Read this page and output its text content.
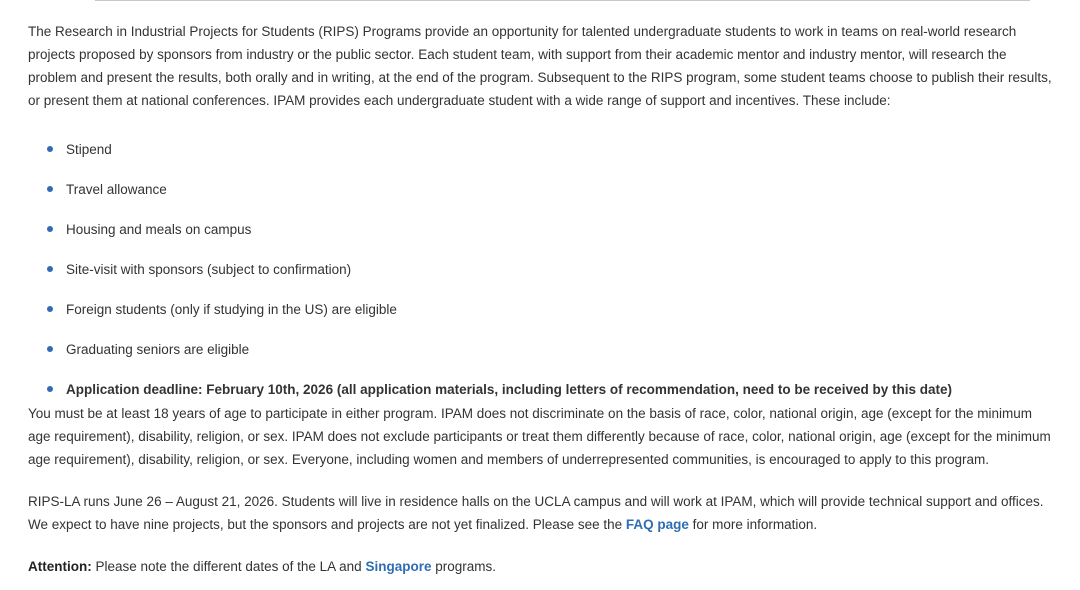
The Research in Industrial Projects for Students (RIPS) Programs provide an opportunity for talented undergraduate students to work in teams on real-world research projects proposed by sponsors from industry or the public sector. Each student team, with support from their academic mentor and industry mentor, will research the problem and present the results, both orally and in writing, at the end of the program. Subsequent to the RIPS program, some student teams choose to publish their results, or present them at national conferences. IPAM provides each undergraduate student with a wide range of support and incentives. These include:

Stipend
Travel allowance
Housing and meals on campus
Site-visit with sponsors (subject to confirmation)
Foreign students (only if studying in the US) are eligible
Graduating seniors are eligible
Application deadline: February 10th, 2026 (all application materials, including letters of recommendation, need to be received by this date)

You must be at least 18 years of age to participate in either program. IPAM does not discriminate on the basis of race, color, national origin, age (except for the minimum age requirement), disability, religion, or sex. IPAM does not exclude participants or treat them differently because of race, color, national origin, age (except for the minimum age requirement), disability, religion, or sex. Everyone, including women and members of underrepresented communities, is encouraged to apply to this program.

RIPS-LA runs June 26 – August 21, 2026. Students will live in residence halls on the UCLA campus and will work at IPAM, which will provide technical support and offices. We expect to have nine projects, but the sponsors and projects are not yet finalized. Please see the FAQ page for more information.

Attention: Please note the different dates of the LA and Singapore programs.
